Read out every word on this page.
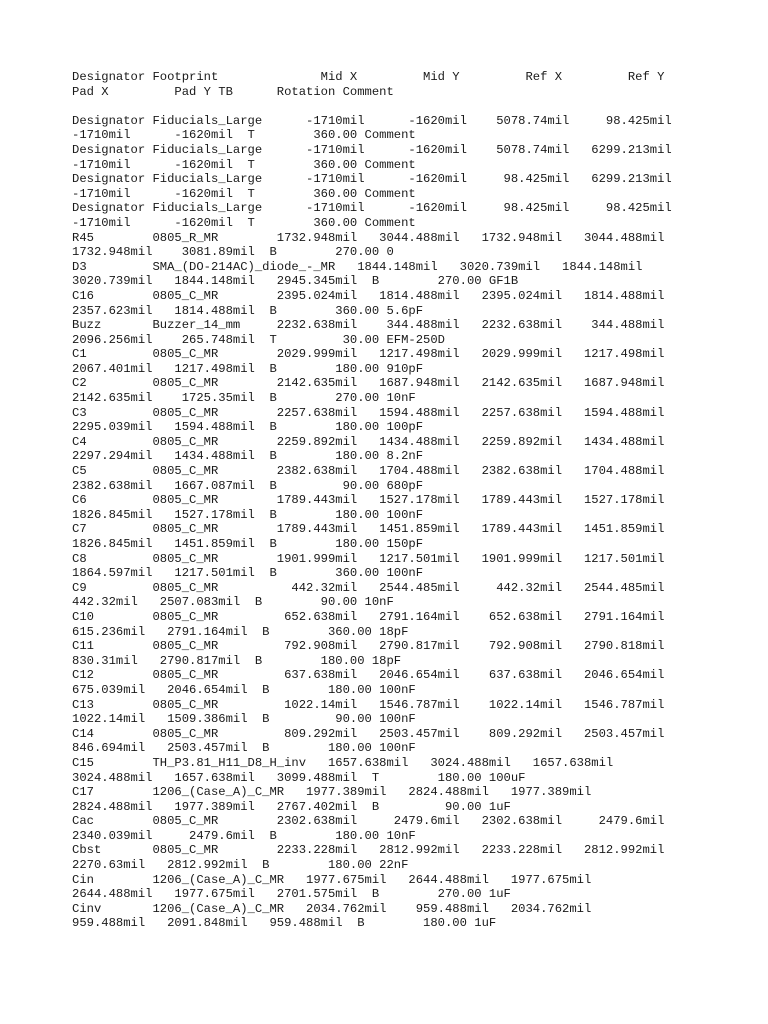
Designator Footprint              Mid X         Mid Y         Ref X         Ref Y
Pad X         Pad Y TB      Rotation Comment
Designator Fiducials_Large      -1710mil      -1620mil    5078.74mil     98.425mil
-1710mil      -1620mil  T        360.00 Comment
Designator Fiducials_Large      -1710mil      -1620mil    5078.74mil   6299.213mil
-1710mil      -1620mil  T        360.00 Comment
Designator Fiducials_Large      -1710mil      -1620mil     98.425mil   6299.213mil
-1710mil      -1620mil  T        360.00 Comment
Designator Fiducials_Large      -1710mil      -1620mil     98.425mil     98.425mil
-1710mil      -1620mil  T        360.00 Comment
R45        0805_R_MR        1732.948mil   3044.488mil   1732.948mil   3044.488mil
1732.948mil    3081.89mil  B        270.00 0
D3         SMA_(DO-214AC)_diode_-_MR   1844.148mil   3020.739mil   1844.148mil
3020.739mil   1844.148mil   2945.345mil  B        270.00 GF1B
C16        0805_C_MR        2395.024mil   1814.488mil   2395.024mil   1814.488mil
2357.623mil   1814.488mil  B        360.00 5.6pF
Buzz       Buzzer_14_mm     2232.638mil    344.488mil   2232.638mil    344.488mil
2096.256mil    265.748mil  T         30.00 EFM-250D
C1         0805_C_MR        2029.999mil   1217.498mil   2029.999mil   1217.498mil
2067.401mil   1217.498mil  B        180.00 910pF
C2         0805_C_MR        2142.635mil   1687.948mil   2142.635mil   1687.948mil
2142.635mil    1725.35mil  B        270.00 10nF
C3         0805_C_MR        2257.638mil   1594.488mil   2257.638mil   1594.488mil
2295.039mil   1594.488mil  B        180.00 100pF
C4         0805_C_MR        2259.892mil   1434.488mil   2259.892mil   1434.488mil
2297.294mil   1434.488mil  B        180.00 8.2nF
C5         0805_C_MR        2382.638mil   1704.488mil   2382.638mil   1704.488mil
2382.638mil   1667.087mil  B         90.00 680pF
C6         0805_C_MR        1789.443mil   1527.178mil   1789.443mil   1527.178mil
1826.845mil   1527.178mil  B        180.00 100nF
C7         0805_C_MR        1789.443mil   1451.859mil   1789.443mil   1451.859mil
1826.845mil   1451.859mil  B        180.00 150pF
C8         0805_C_MR        1901.999mil   1217.501mil   1901.999mil   1217.501mil
1864.597mil   1217.501mil  B        360.00 100nF
C9         0805_C_MR          442.32mil   2544.485mil     442.32mil   2544.485mil
442.32mil   2507.083mil  B        90.00 10nF
C10        0805_C_MR         652.638mil   2791.164mil    652.638mil   2791.164mil
615.236mil   2791.164mil  B        360.00 18pF
C11        0805_C_MR         792.908mil   2790.817mil    792.908mil   2790.818mil
830.31mil   2790.817mil  B        180.00 18pF
C12        0805_C_MR         637.638mil   2046.654mil    637.638mil   2046.654mil
675.039mil   2046.654mil  B        180.00 100nF
C13        0805_C_MR         1022.14mil   1546.787mil    1022.14mil   1546.787mil
1022.14mil   1509.386mil  B         90.00 100nF
C14        0805_C_MR         809.292mil   2503.457mil    809.292mil   2503.457mil
846.694mil   2503.457mil  B        180.00 100nF
C15        TH_P3.81_H11_D8_H_inv   1657.638mil   3024.488mil   1657.638mil
3024.488mil   1657.638mil   3099.488mil  T        180.00 100uF
C17        1206_(Case_A)_C_MR   1977.389mil   2824.488mil   1977.389mil
2824.488mil   1977.389mil   2767.402mil  B         90.00 1uF
Cac        0805_C_MR        2302.638mil     2479.6mil   2302.638mil     2479.6mil
2340.039mil     2479.6mil  B        180.00 10nF
Cbst       0805_C_MR        2233.228mil   2812.992mil   2233.228mil   2812.992mil
2270.63mil   2812.992mil  B        180.00 22nF
Cin        1206_(Case_A)_C_MR   1977.675mil   2644.488mil   1977.675mil
2644.488mil   1977.675mil   2701.575mil  B        270.00 1uF
Cinv       1206_(Case_A)_C_MR   2034.762mil    959.488mil   2034.762mil
959.488mil   2091.848mil   959.488mil  B        180.00 1uF
